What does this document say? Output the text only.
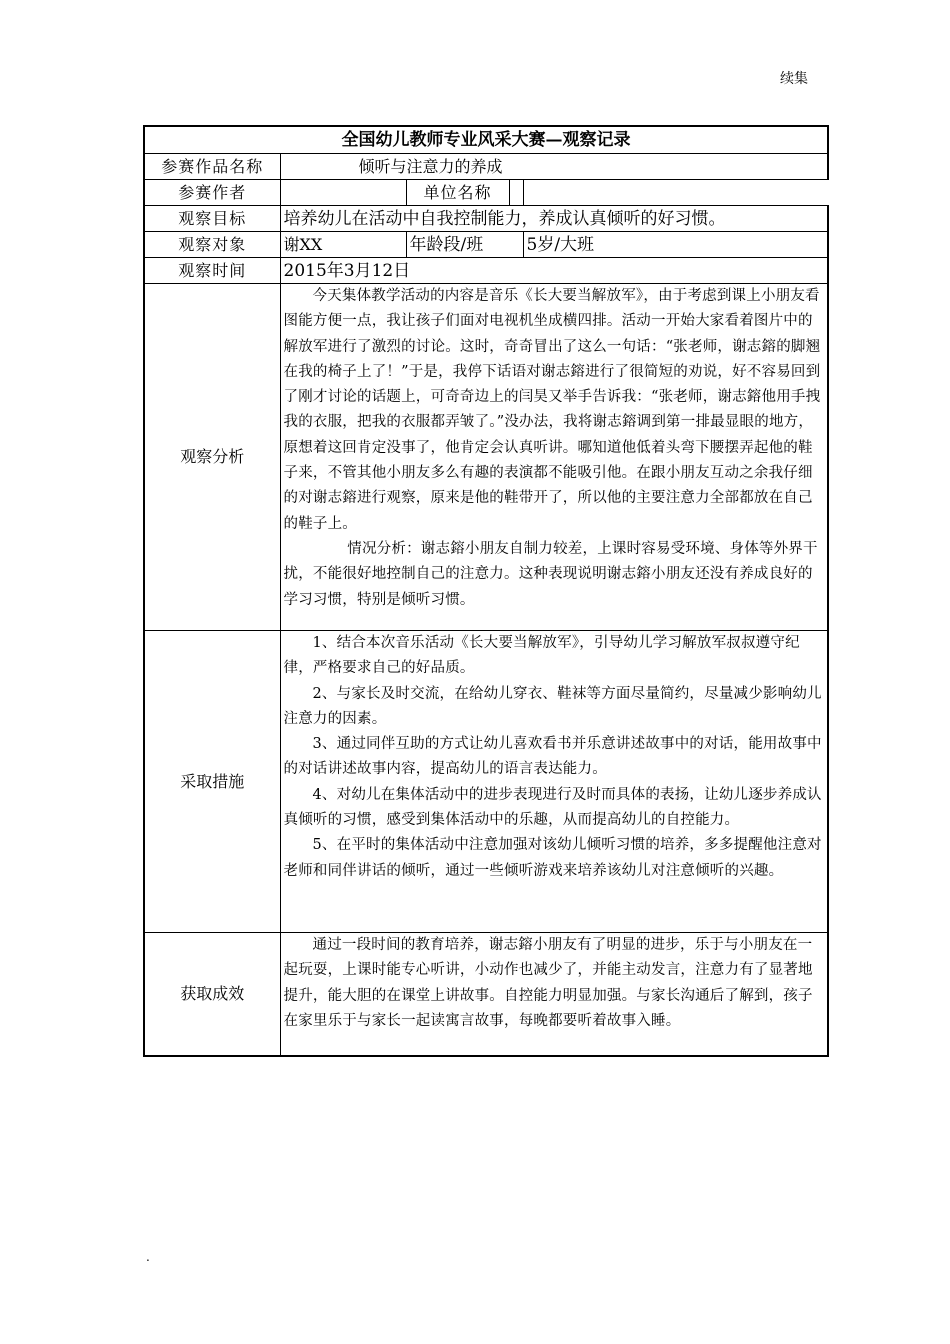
续集
全国幼儿教师专业风采大赛—观察记录				
参赛作品名称	倾听与注意力的养成			
参赛作者		单位名称		
观察目标	培养幼儿在活动中自我控制能力，养成认真倾听的好习惯。			
观察对象	谢XX	年龄段/班		5岁/大班
观察时间	2015年3月12日			
观察分析	今天集体教学活动的内容是音乐《长大要当解放军》，由于考虑到课上小朋友看图能方便一点，我让孩子们面对电视机坐成横四排。活动一开始大家看着图片中的解放军进行了激烈的讨论。这时，奇奇冒出了这么一句话：“张老师，谢志鎔的脚翘在我的椅子上了！”于是，我停下话语对谢志鎔进行了很简短的劝说，好不容易回到了刚才讨论的话题上，可奇奇边上的闫昊又举手告诉我：“张老师，谢志鎔他用手拽我的衣服，把我的衣服都弄皱了。”没办法，我将谢志鎔调到第一排最显眼的地方，原想着这回肯定没事了，他肯定会认真听讲。哪知道他低着头弯下腰摆弄起他的鞋子来，不管其他小朋友多么有趣的表演都不能吸引他。在跟小朋友互动之余我仔细的对谢志鎔进行观察，原来是他的鞋带开了，所以他的主要注意力全部都放在自己的鞋子上。

情况分析：谢志鎔小朋友自制力较差，上课时容易受环境、身体等外界干扰，不能很好地控制自己的注意力。这种表现说明谢志鎔小朋友还没有养成良好的学习习惯，特别是倾听习惯。			

采取措施	1、结合本次音乐活动《长大要当解放军》，引导幼儿学习解放军叔叔遵守纪律，严格要求自己的好品质。

2、与家长及时交流，在给幼儿穿衣、鞋袜等方面尽量简约，尽量减少影响幼儿注意力的因素。

3、通过同伴互助的方式让幼儿喜欢看书并乐意讲述故事中的对话，能用故事中的对话讲述故事内容，提高幼儿的语言表达能力。

4、对幼儿在集体活动中的进步表现进行及时而具体的表扬，让幼儿逐步养成认真倾听的习惯，感受到集体活动中的乐趣，从而提高幼儿的自控能力。

5、在平时的集体活动中注意加强对该幼儿倾听习惯的培养，多多提醒他注意对老师和同伴讲话的倾听，通过一些倾听游戏来培养该幼儿对注意倾听的兴趣。			

获取成效	通过一段时间的教育培养，谢志鎔小朋友有了明显的进步，乐于与小朋友在一起玩耍，上课时能专心听讲，小动作也减少了，并能主动发言，注意力有了显著地提升，能大胆的在课堂上讲故事。自控能力明显加强。与家长沟通后了解到，孩子在家里乐于与家长一起读寓言故事，每晚都要听着故事入睡。			

.
